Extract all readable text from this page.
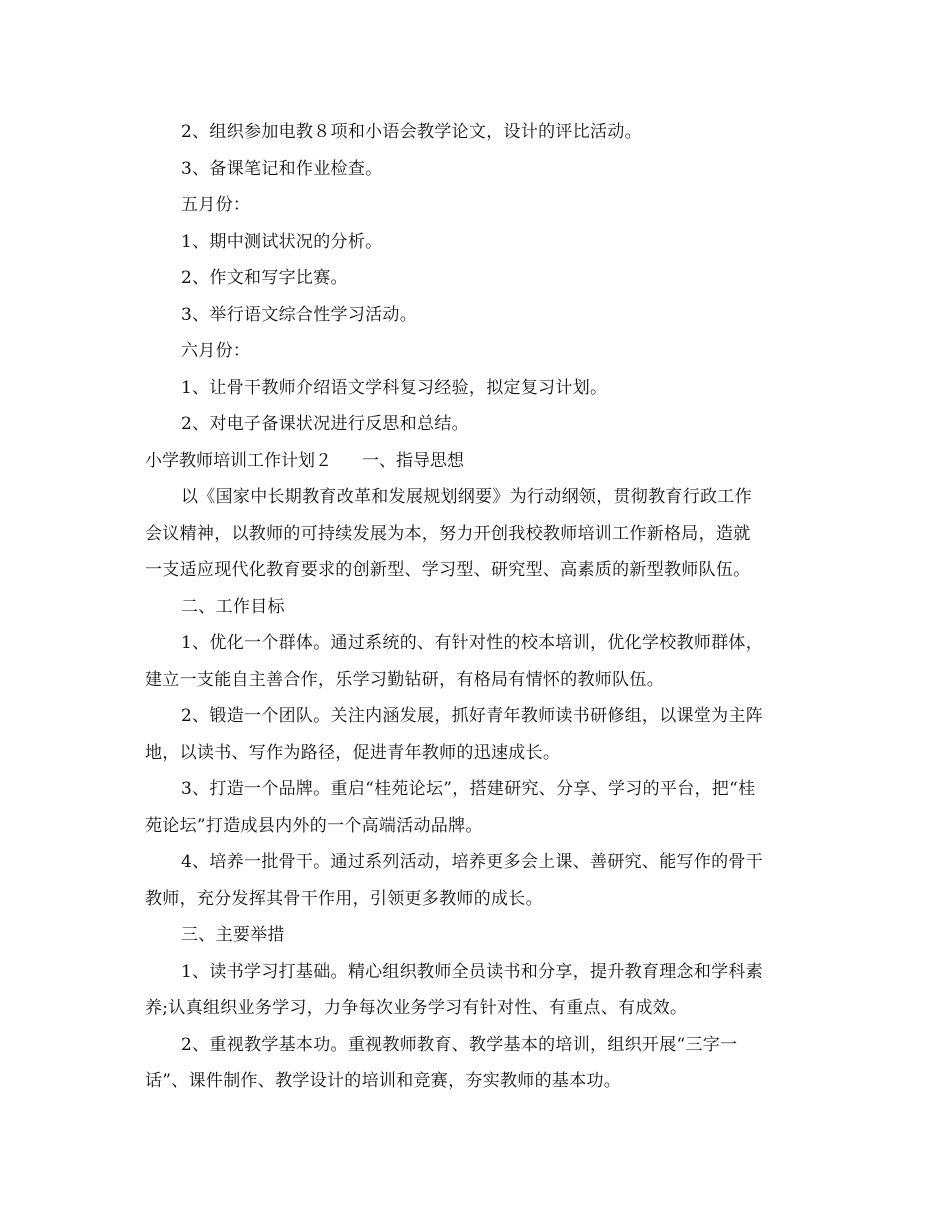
2、组织参加电教８项和小语会教学论文，设计的评比活动。
3、备课笔记和作业检查。
五月份：
1、期中测试状况的分析。
2、作文和写字比赛。
3、举行语文综合性学习活动。
六月份：
1、让骨干教师介绍语文学科复习经验，拟定复习计划。
2、对电子备课状况进行反思和总结。
小学教师培训工作计划２ 一、指导思想
以《国家中长期教育改革和发展规划纲要》为行动纲领，贯彻教育行政工作
会议精神，以教师的可持续发展为本，努力开创我校教师培训工作新格局，造就
一支适应现代化教育要求的创新型、学习型、研究型、高素质的新型教师队伍。
二、工作目标
1、优化一个群体。通过系统的、有针对性的校本培训，优化学校教师群体，
建立一支能自主善合作，乐学习勤钻研，有格局有情怀的教师队伍。
2、锻造一个团队。关注内涵发展，抓好青年教师读书研修组，以课堂为主阵
地，以读书、写作为路径，促进青年教师的迅速成长。
3、打造一个品牌。重启“桂苑论坛”，搭建研究、分享、学习的平台，把“桂
苑论坛”打造成县内外的一个高端活动品牌。
4、培养一批骨干。通过系列活动，培养更多会上课、善研究、能写作的骨干
教师，充分发挥其骨干作用，引领更多教师的成长。
三、主要举措
1、读书学习打基础。精心组织教师全员读书和分享，提升教育理念和学科素
养;认真组织业务学习，力争每次业务学习有针对性、有重点、有成效。
2、重视教学基本功。重视教师教育、教学基本的培训，组织开展“三字一
话”、课件制作、教学设计的培训和竞赛，夯实教师的基本功。
